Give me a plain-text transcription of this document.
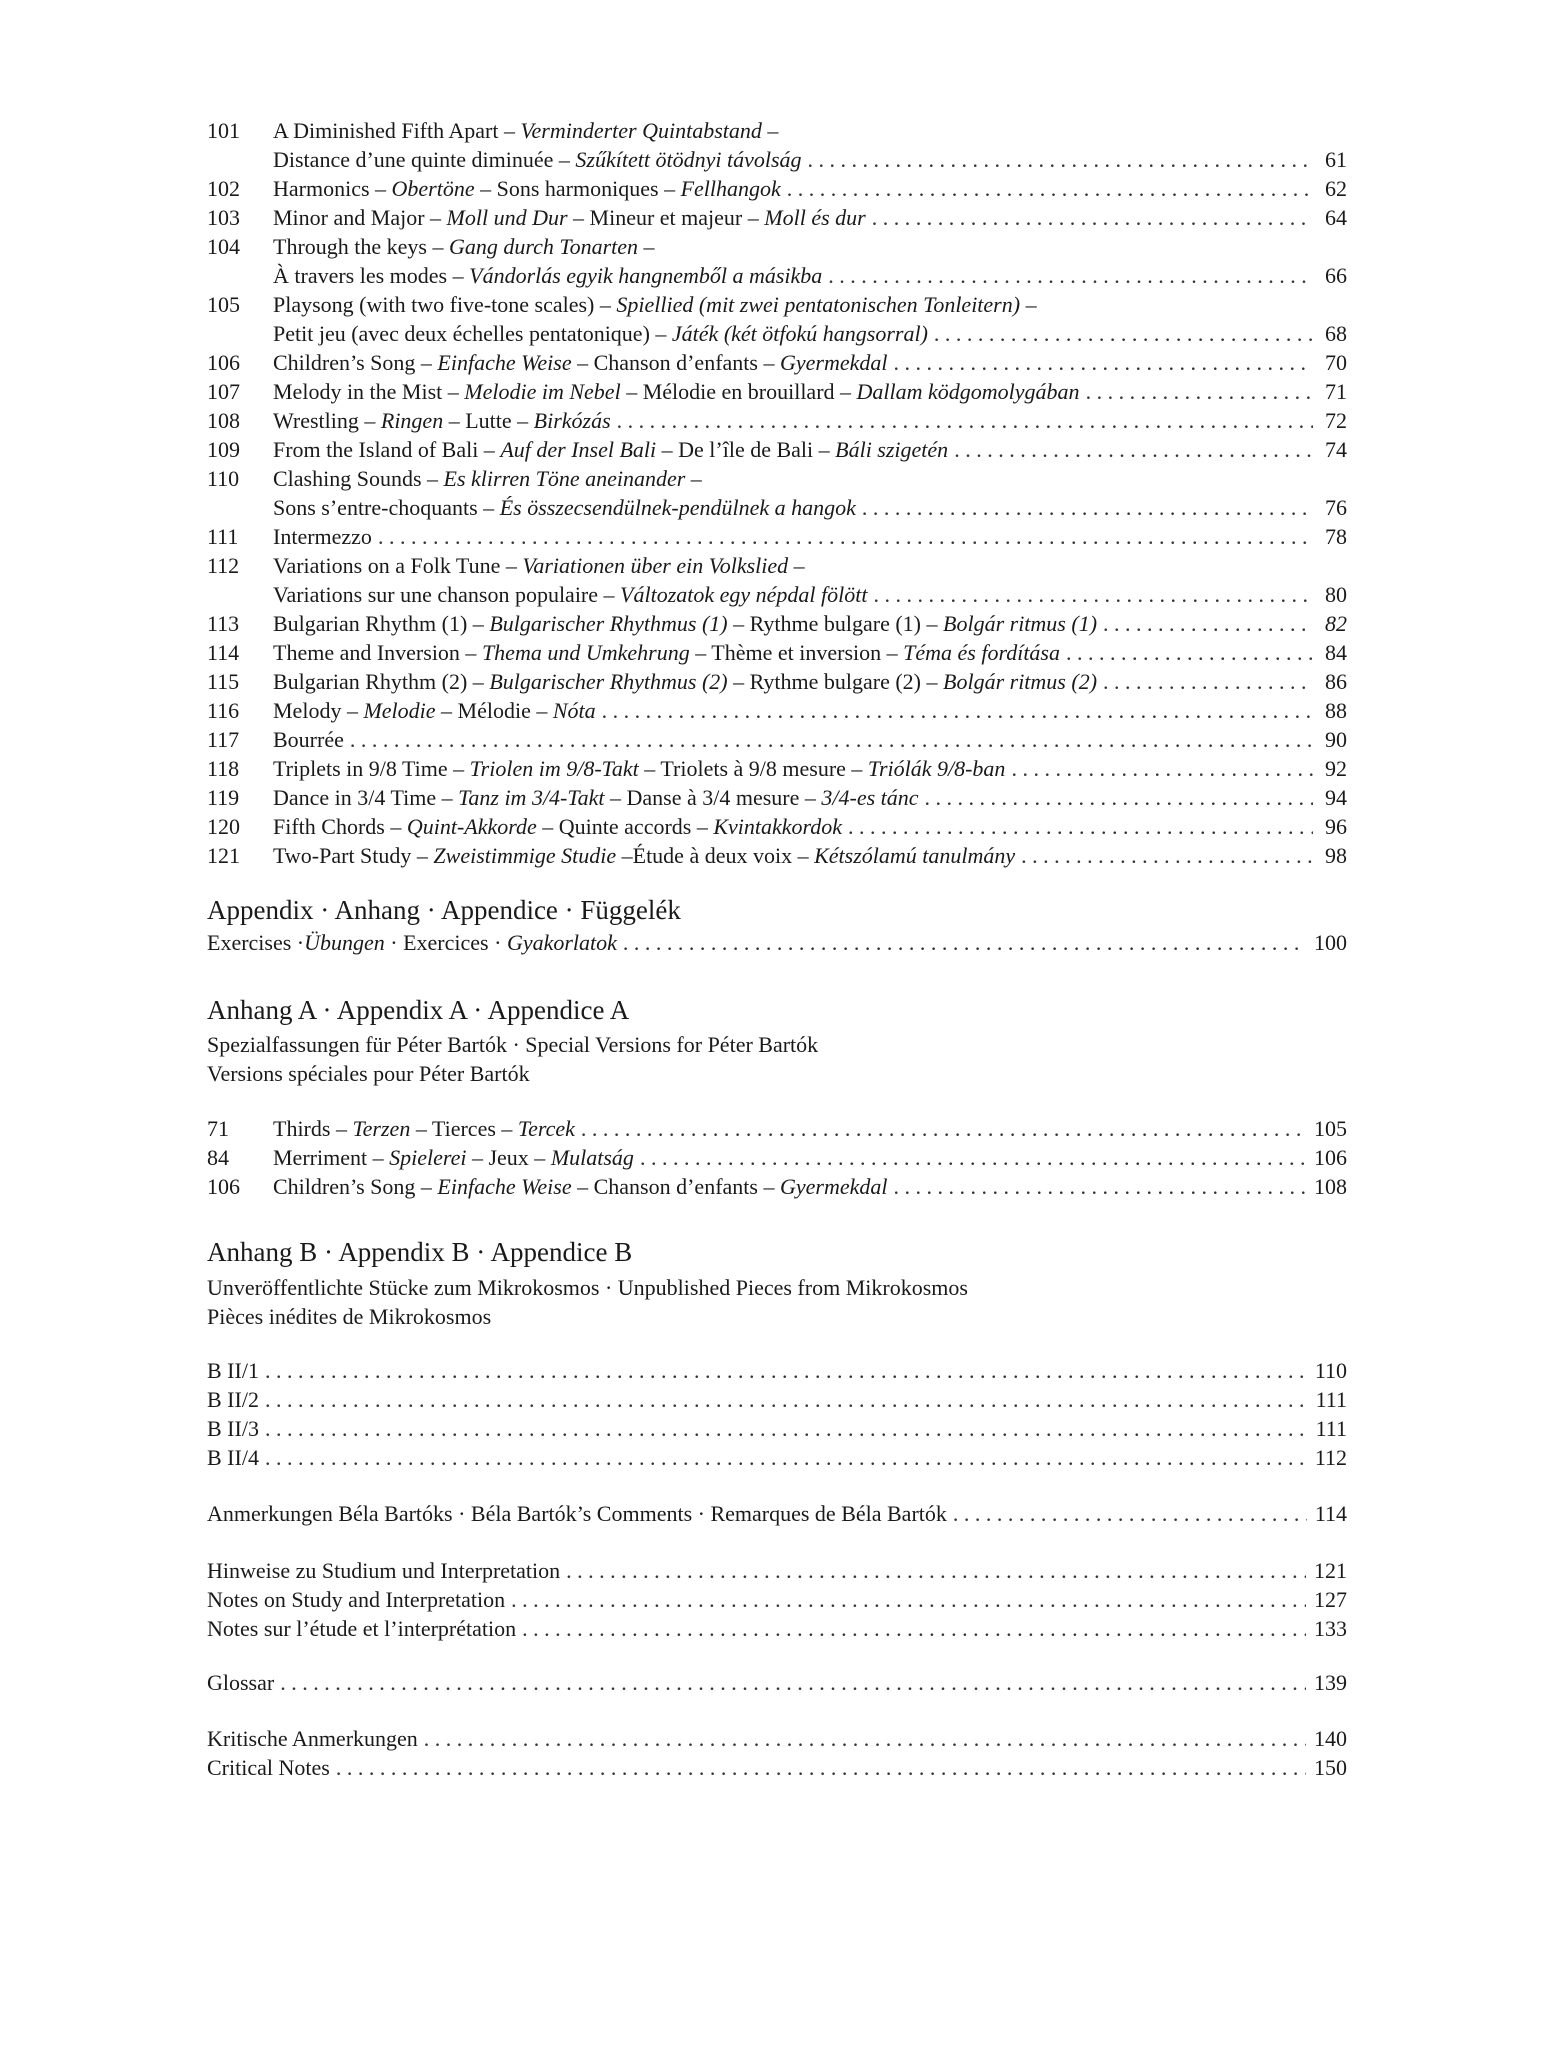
101	A Diminished Fifth Apart – Verminderter Quintabstand –
Distance d’une quinte diminuée – Szűkített ötödnyi távolság . . .	61
102	Harmonics – Obertöne – Sons harmoniques – Fellhangok . . .	62
103	Minor and Major – Moll und Dur – Mineur et majeur – Moll és dur . . .	64
104	Through the keys – Gang durch Tonarten –
À travers les modes – Vándorlás egyik hangnemből a másikba . . .	66
105	Playsong (with two five-tone scales) – Spiellied (mit zwei pentatonischen Tonleitern) –
Petit jeu (avec deux échelles pentatonique) – Játék (két ötfokú hangsorral) . . .	68
106	Children’s Song – Einfache Weise – Chanson d’enfants – Gyermekdal . . .	70
107	Melody in the Mist – Melodie im Nebel – Mélodie en brouillard – Dallam ködgomolygában . . .	71
108	Wrestling – Ringen – Lutte – Birkózás . . .	72
109	From the Island of Bali – Auf der Insel Bali – De l’île de Bali – Báli szigetén . . .	74
110	Clashing Sounds – Es klirren Töne aneinander –
Sons s’entre-choquants – És összecsendülnek-pendülnek a hangok . . .	76
111	Intermezzo . . .	78
112	Variations on a Folk Tune – Variationen über ein Volkslied –
Variations sur une chanson populaire – Változatok egy népdal fölött . . .	80
113	Bulgarian Rhythm (1) – Bulgarischer Rhythmus (1) – Rythme bulgare (1) – Bolgár ritmus (1) . . .	82
114	Theme and Inversion – Thema und Umkehrung – Thème et inversion – Téma és fordítása . . .	84
115	Bulgarian Rhythm (2) – Bulgarischer Rhythmus (2) – Rythme bulgare (2) – Bolgár ritmus (2) . . .	86
116	Melody – Melodie – Mélodie – Nóta . . .	88
117	Bourrée . . .	90
118	Triplets in 9/8 Time – Triolen im 9/8-Takt – Triolets à 9/8 mesure – Triólák 9/8-ban . . .	92
119	Dance in 3/4 Time – Tanz im 3/4-Takt – Danse à 3/4 mesure – 3/4-es tánc . . .	94
120	Fifth Chords – Quint-Akkorde – Quinte accords – Kvintakkordok . . .	96
121	Two-Part Study – Zweistimmige Studie –Étude à deux voix – Kétszólamú tanulmány . . .	98
Appendix · Anhang · Appendice · Függelék
Exercises ·Übungen · Exercices · Gyakorlatok . . .	100
Anhang A · Appendix A · Appendice A
Spezialfassungen für Péter Bartók · Special Versions for Péter Bartók
Versions spéciales pour Péter Bartók
71	Thirds – Terzen – Tierces – Tercek . . .	105
84	Merriment – Spielerei – Jeux – Mulatság . . .	106
106	Children’s Song – Einfache Weise – Chanson d’enfants – Gyermekdal . . .	108
Anhang B · Appendix B · Appendice B
Unveröffentlichte Stücke zum Mikrokosmos · Unpublished Pieces from Mikrokosmos
Pièces inédites de Mikrokosmos
B II/1 . . .	110
B II/2 . . .	111
B II/3 . . .	111
B II/4 . . .	112
Anmerkungen Béla Bartóks · Béla Bartók’s Comments · Remarques de Béla Bartók . . .	114
Hinweise zu Studium und Interpretation . . .	121
Notes on Study and Interpretation . . .	127
Notes sur l’étude et l’interprétation . . .	133
Glossar . . .	139
Kritische Anmerkungen . . .	140
Critical Notes . . .	150
